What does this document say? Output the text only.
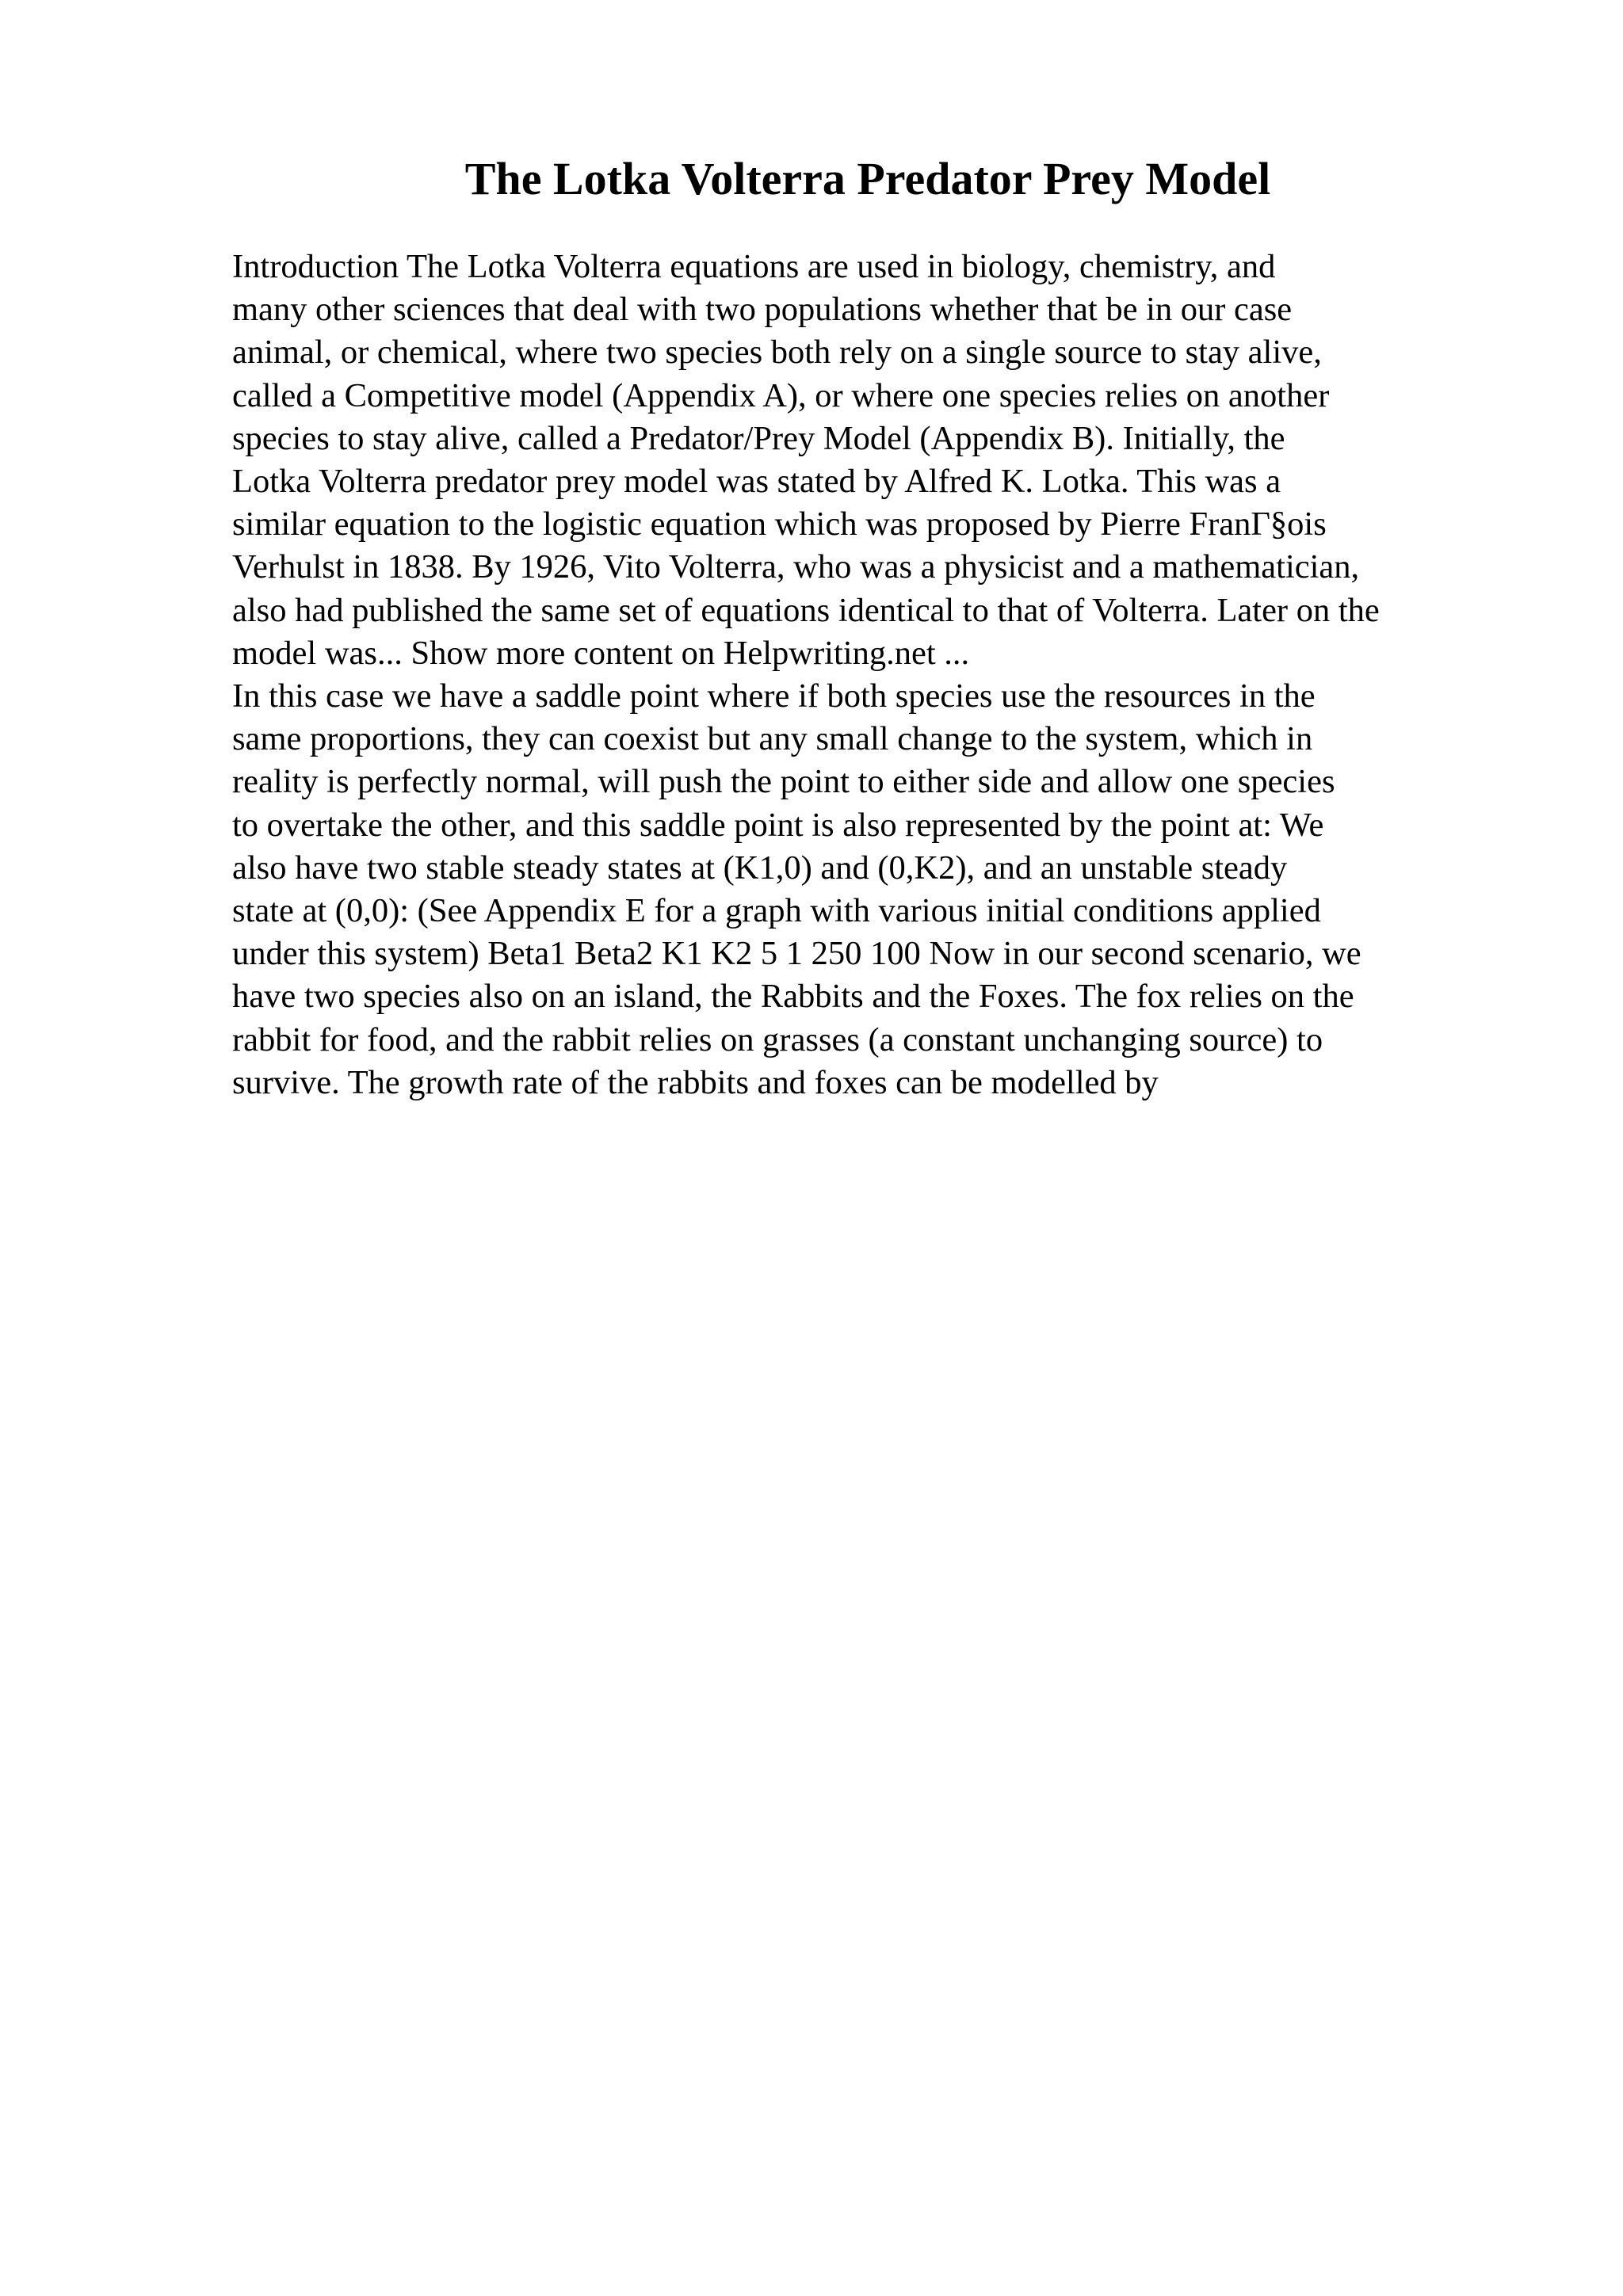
The Lotka Volterra Predator Prey Model
Introduction The Lotka Volterra equations are used in biology, chemistry, and
many other sciences that deal with two populations whether that be in our case
animal, or chemical, where two species both rely on a single source to stay alive,
called a Competitive model (Appendix A), or where one species relies on another
species to stay alive, called a Predator/Prey Model (Appendix B). Initially, the
Lotka Volterra predator prey model was stated by Alfred K. Lotka. This was a
similar equation to the logistic equation which was proposed by Pierre FranΓ§ois
Verhulst in 1838. By 1926, Vito Volterra, who was a physicist and a mathematician,
also had published the same set of equations identical to that of Volterra. Later on the
model was... Show more content on Helpwriting.net ...
In this case we have a saddle point where if both species use the resources in the
same proportions, they can coexist but any small change to the system, which in
reality is perfectly normal, will push the point to either side and allow one species
to overtake the other, and this saddle point is also represented by the point at: We
also have two stable steady states at (K1,0) and (0,K2), and an unstable steady
state at (0,0): (See Appendix E for a graph with various initial conditions applied
under this system) Beta1 Beta2 K1 K2 5 1 250 100 Now in our second scenario, we
have two species also on an island, the Rabbits and the Foxes. The fox relies on the
rabbit for food, and the rabbit relies on grasses (a constant unchanging source) to
survive. The growth rate of the rabbits and foxes can be modelled by
